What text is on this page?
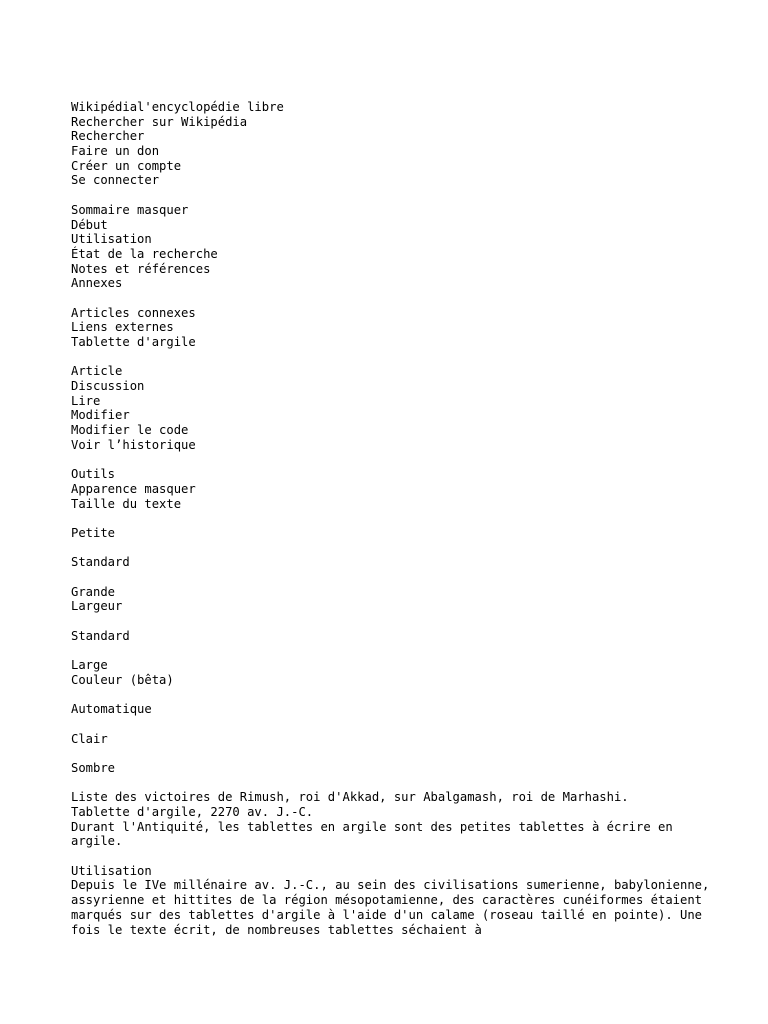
Wikipédial'encyclopédie libre
Rechercher sur Wikipédia
Rechercher
Faire un don
Créer un compte
Se connecter
Sommaire masquer
Début
Utilisation
État de la recherche
Notes et références
Annexes
Articles connexes
Liens externes
Tablette d'argile
Article
Discussion
Lire
Modifier
Modifier le code
Voir l’historique
Outils
Apparence masquer
Taille du texte
Petite
Standard
Grande
Largeur
Standard
Large
Couleur (bêta)
Automatique
Clair
Sombre
Liste des victoires de Rimush, roi d'Akkad, sur Abalgamash, roi de Marhashi.
Tablette d'argile, 2270 av. J.-C.
Durant l'Antiquité, les tablettes en argile sont des petites tablettes à écrire en argile.
Utilisation
Depuis le IVe millénaire av. J.-C., au sein des civilisations sumerienne, babylonienne, assyrienne et hittites de la région mésopotamienne, des caractères cunéiformes étaient marqués sur des tablettes d'argile à l'aide d'un calame (roseau taillé en pointe). Une fois le texte écrit, de nombreuses tablettes séchaient à
